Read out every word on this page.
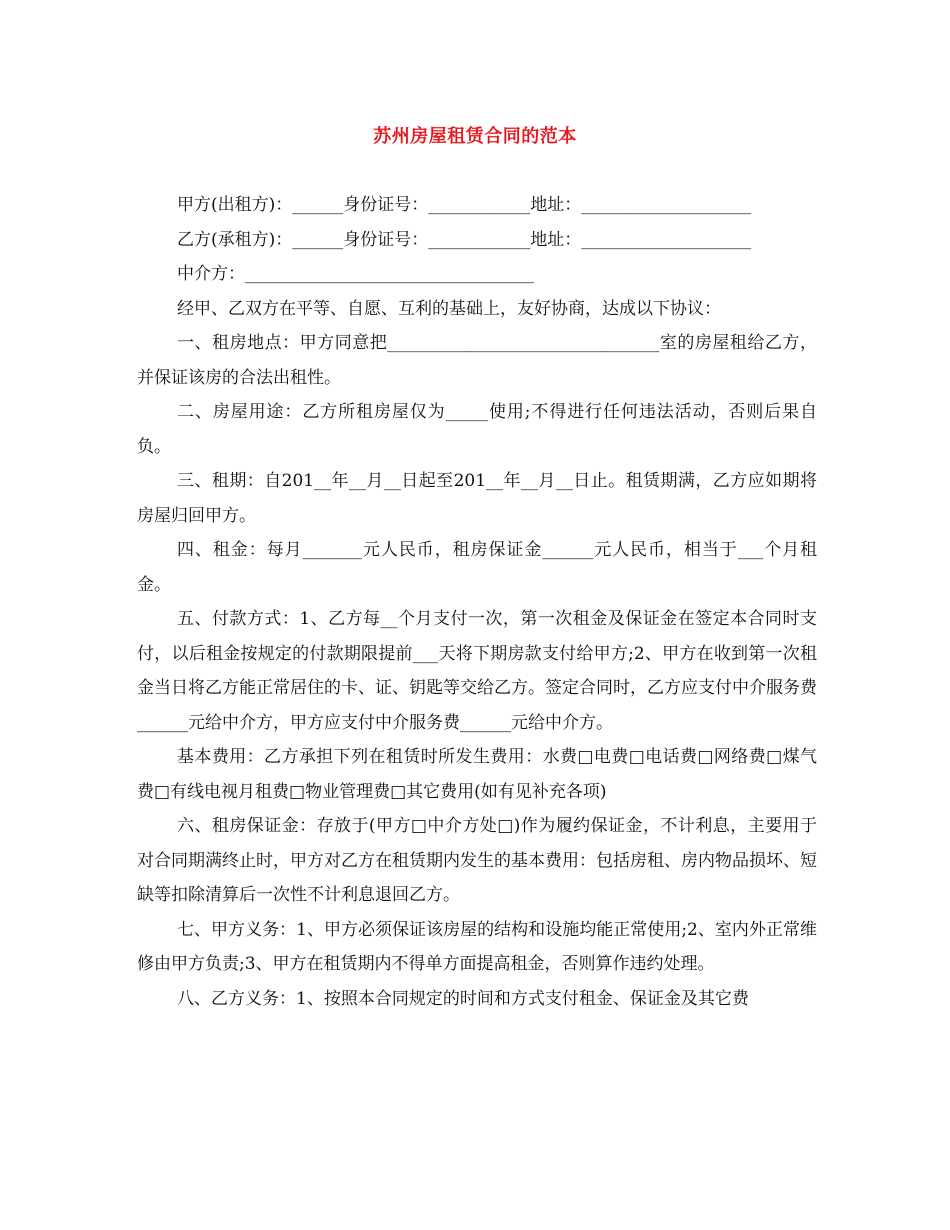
苏州房屋租赁合同的范本
甲方(出租方)：______身份证号：____________地址：____________________
乙方(承租方)：______身份证号：____________地址：____________________
中介方：__________________________________

经甲、乙双方在平等、自愿、互利的基础上，友好协商，达成以下协议：

一、租房地点：甲方同意把________________________________室的房屋租给乙方，并保证该房的合法出租性。

二、房屋用途：乙方所租房屋仅为_____使用;不得进行任何违法活动，否则后果自负。

三、租期：自201__年__月__日起至201__年__月__日止。租赁期满，乙方应如期将房屋归回甲方。

四、租金：每月_______元人民币，租房保证金______元人民币，相当于___个月租金。

五、付款方式：1、乙方每__个月支付一次，第一次租金及保证金在签定本合同时支付，以后租金按规定的付款期限提前___天将下期房款支付给甲方;2、甲方在收到第一次租金当日将乙方能正常居住的卡、证、钥匙等交给乙方。签定合同时，乙方应支付中介服务费______元给中介方，甲方应支付中介服务费______元给中介方。

基本费用：乙方承担下列在租赁时所发生费用：水费□电费□电话费□网络费□煤气费□有线电视月租费□物业管理费□其它费用(如有见补充各项)

六、租房保证金：存放于(甲方□中介方处□)作为履约保证金，不计利息，主要用于对合同期满终止时，甲方对乙方在租赁期内发生的基本费用：包括房租、房内物品损坏、短缺等扣除清算后一次性不计利息退回乙方。

七、甲方义务：1、甲方必须保证该房屋的结构和设施均能正常使用;2、室内外正常维修由甲方负责;3、甲方在租赁期内不得单方面提高租金，否则算作违约处理。

八、乙方义务：1、按照本合同规定的时间和方式支付租金、保证金及其它费
